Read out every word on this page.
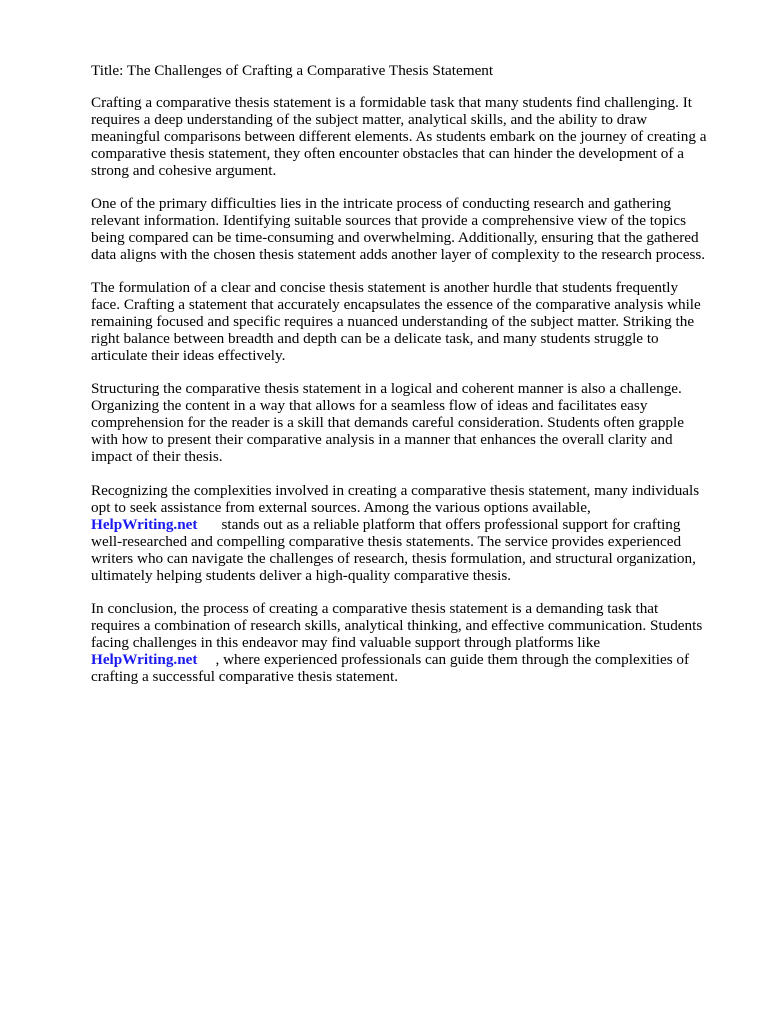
Title: The Challenges of Crafting a Comparative Thesis Statement

Crafting a comparative thesis statement is a formidable task that many students find challenging. It
requires a deep understanding of the subject matter, analytical skills, and the ability to draw
meaningful comparisons between different elements. As students embark on the journey of creating a
comparative thesis statement, they often encounter obstacles that can hinder the development of a
strong and cohesive argument.

One of the primary difficulties lies in the intricate process of conducting research and gathering
relevant information. Identifying suitable sources that provide a comprehensive view of the topics
being compared can be time-consuming and overwhelming. Additionally, ensuring that the gathered
data aligns with the chosen thesis statement adds another layer of complexity to the research process.

The formulation of a clear and concise thesis statement is another hurdle that students frequently
face. Crafting a statement that accurately encapsulates the essence of the comparative analysis while
remaining focused and specific requires a nuanced understanding of the subject matter. Striking the
right balance between breadth and depth can be a delicate task, and many students struggle to
articulate their ideas effectively.

Structuring the comparative thesis statement in a logical and coherent manner is also a challenge.
Organizing the content in a way that allows for a seamless flow of ideas and facilitates easy
comprehension for the reader is a skill that demands careful consideration. Students often grapple
with how to present their comparative analysis in a manner that enhances the overall clarity and
impact of their thesis.

Recognizing the complexities involved in creating a comparative thesis statement, many individuals
opt to seek assistance from external sources. Among the various options available,
HelpWriting.net stands out as a reliable platform that offers professional support for crafting
well-researched and compelling comparative thesis statements. The service provides experienced
writers who can navigate the challenges of research, thesis formulation, and structural organization,
ultimately helping students deliver a high-quality comparative thesis.

In conclusion, the process of creating a comparative thesis statement is a demanding task that
requires a combination of research skills, analytical thinking, and effective communication. Students
facing challenges in this endeavor may find valuable support through platforms like
HelpWriting.net , where experienced professionals can guide them through the complexities of
crafting a successful comparative thesis statement.
